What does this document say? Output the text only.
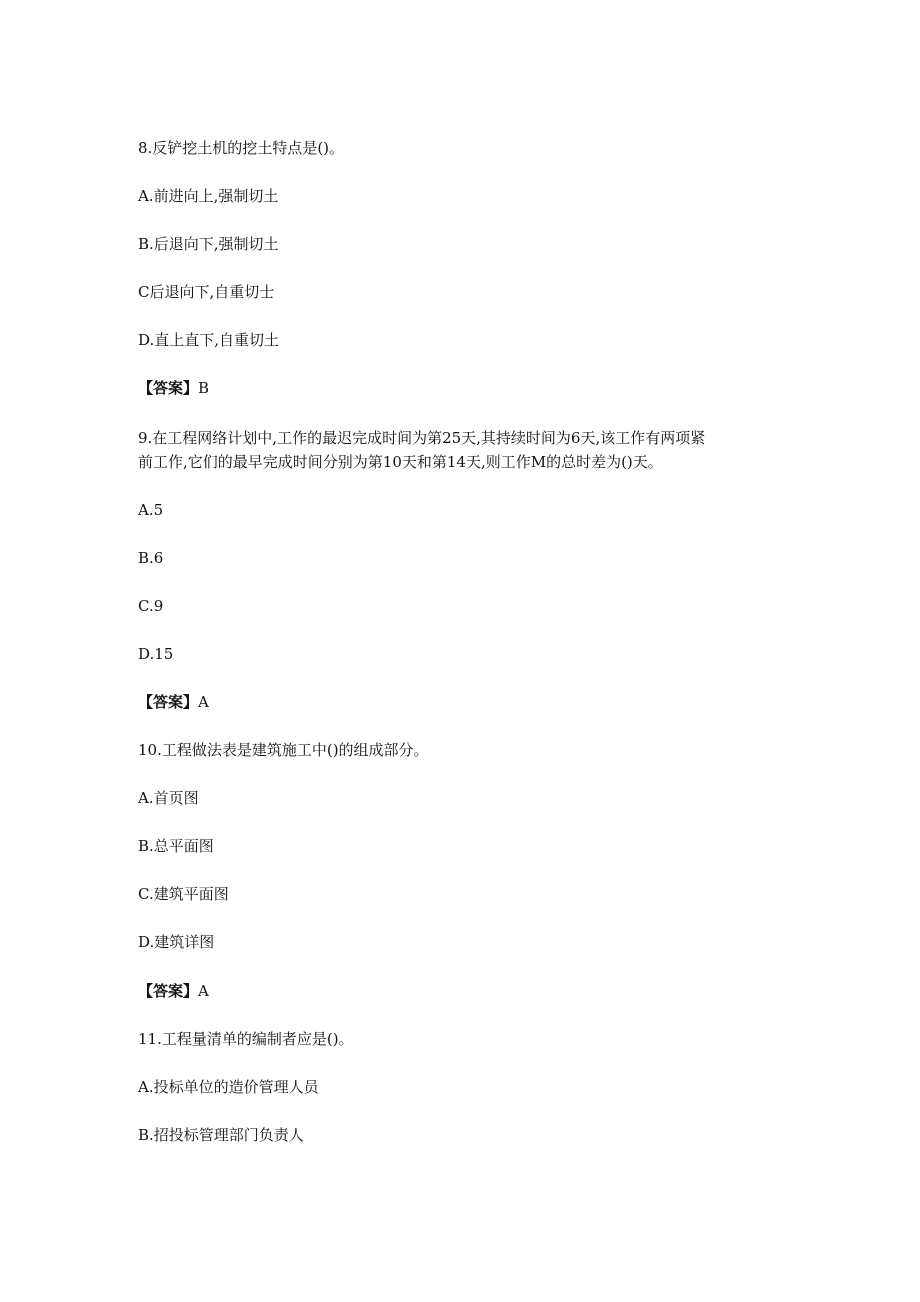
8.反铲挖土机的挖土特点是()。
A.前进向上,强制切土
B.后退向下,强制切土
C后退向下,自重切士
D.直上直下,自重切土
【答案】B
9.在工程网络计划中,工作的最迟完成时间为第25天,其持续时间为6天,该工作有两项紧
前工作,它们的最早完成时间分别为第10天和第14天,则工作M的总时差为()天。
A.5
B.6
C.9
D.15
【答案】A
10.工程做法表是建筑施工中()的组成部分。
A.首页图
B.总平面图
C.建筑平面图
D.建筑详图
【答案】A
11.工程量清单的编制者应是()。
A.投标单位的造价管理人员
B.招投标管理部门负责人
